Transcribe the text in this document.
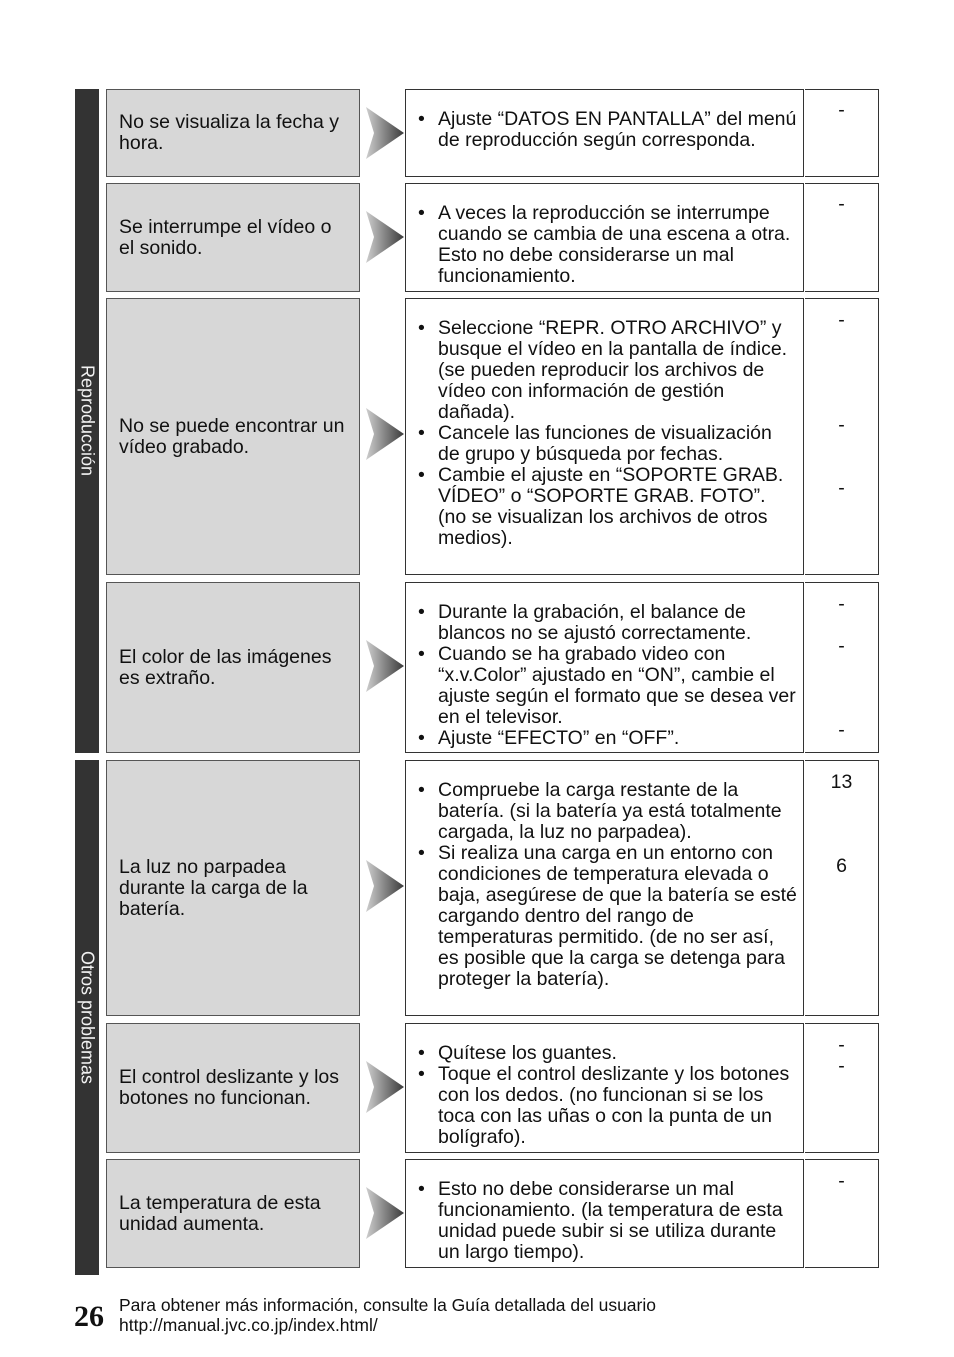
Reproducción
Otros problemas
No se visualiza la fecha y hora.
• Ajuste “DATOS EN PANTALLA” del menú de reproducción según corresponda.
-
Se interrumpe el vídeo o el sonido.
• A veces la reproducción se interrumpe cuando se cambia de una escena a otra. Esto no debe considerarse un mal funcionamiento.
-
No se puede encontrar un vídeo grabado.
• Seleccione “REPR. OTRO ARCHIVO” y busque el vídeo en la pantalla de índice. (se pueden reproducir los archivos de vídeo con información de gestión dañada).
• Cancele las funciones de visualización de grupo y búsqueda por fechas.
• Cambie el ajuste en “SOPORTE GRAB. VÍDEO” o “SOPORTE GRAB. FOTO”. (no se visualizan los archivos de otros medios).
-
-
-
El color de las imágenes es extraño.
• Durante la grabación, el balance de blancos no se ajustó correctamente.
• Cuando se ha grabado video con “x.v.Color” ajustado en “ON”, cambie el ajuste según el formato que se desea ver en el televisor.
• Ajuste “EFECTO” en “OFF”.
-
-
-
La luz no parpadea durante la carga de la batería.
• Compruebe la carga restante de la batería. (si la batería ya está totalmente cargada, la luz no parpadea).
• Si realiza una carga en un entorno con condiciones de temperatura elevada o baja, asegúrese de que la batería se esté cargando dentro del rango de temperaturas permitido. (de no ser así, es posible que la carga se detenga para proteger la batería).
13
6
El control deslizante y los botones no funcionan.
• Quítese los guantes.
• Toque el control deslizante y los botones con los dedos. (no funcionan si se los toca con las uñas o con la punta de un bolígrafo).
-
-
La temperatura de esta unidad aumenta.
• Esto no debe considerarse un mal funcionamiento. (la temperatura de esta unidad puede subir si se utiliza durante un largo tiempo).
-
26 Para obtener más información, consulte la Guía detallada del usuario
http://manual.jvc.co.jp/index.html/
